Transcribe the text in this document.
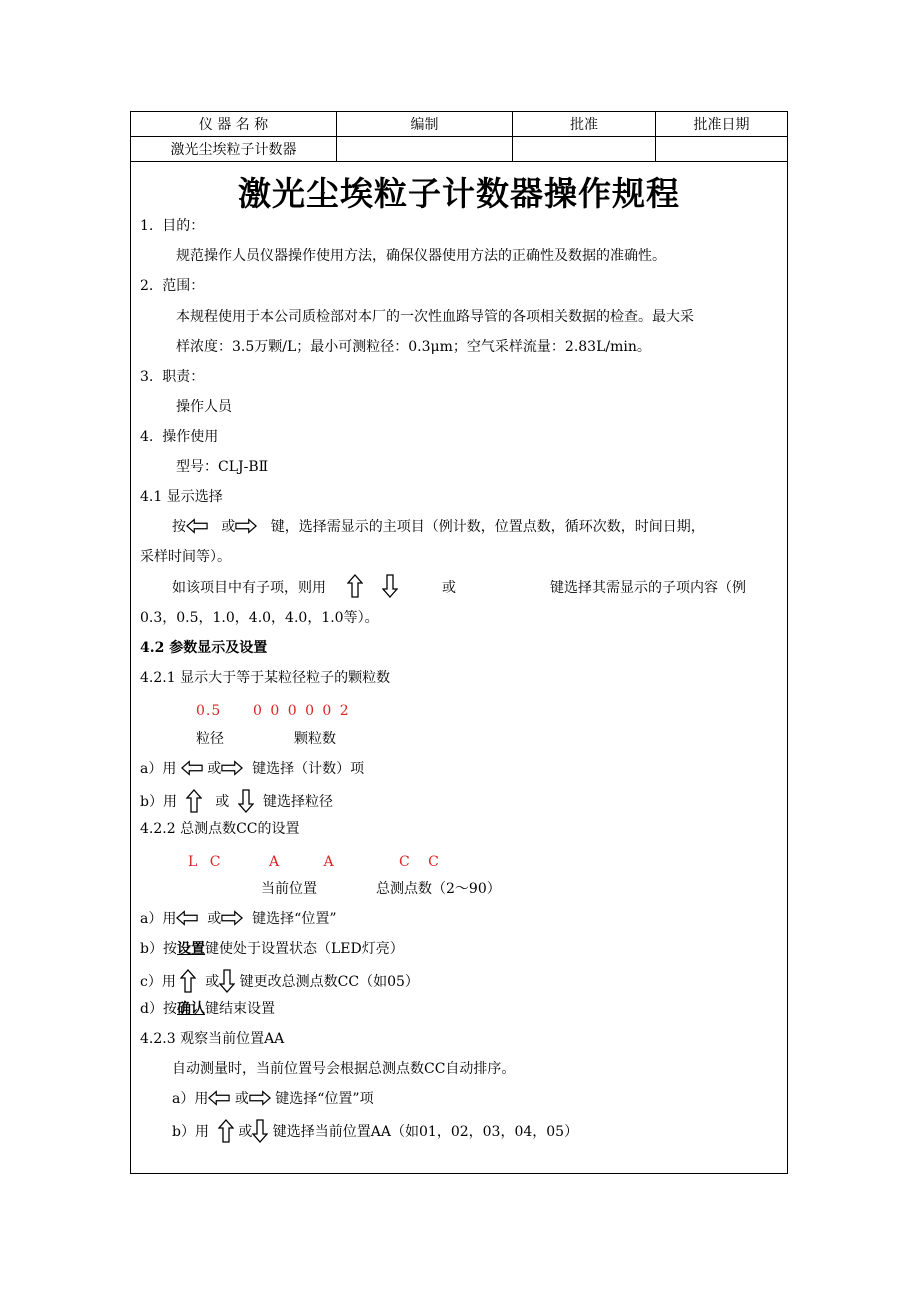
仪 器 名 称	编制	批准	批准日期
激光尘埃粒子计数器			
激光尘埃粒子计数器操作规程
1. 目的：
规范操作人员仪器操作使用方法，确保仪器使用方法的正确性及数据的准确性。
2. 范围：
本规程使用于本公司质检部对本厂的一次性血路导管的各项相关数据的检查。最大采
样浓度：3.5万颗/L；最小可测粒径：0.3μm；空气采样流量：2.83L/min。
3. 职责：
操作人员
4. 操作使用
型号：CLJ-BⅡ
4.1 显示选择
按	或	键，选择需显示的主项目（例计数，位置点数，循环次数，时间日期，
采样时间等）。
如该项目中有子项，则用	或	键选择其需显示的子项内容（例
0.3，0.5，1.0，4.0，4.0，1.0等）。
4.2 参数显示及设置
4.2.1 显示大于等于某粒径粒子的颗粒数
0.5 0 0 0 0 0 2
粒径	颗粒数
a）用 或 键选择（计数）项
b）用	或 键选择粒径
4.2.2 总测点数CC的设置
L C	A A	C C
当前位置	总测点数（2～90）
a）用 或 键选择“位置”
b）按设置键使处于设置状态（LED灯亮）
c）用 或 键更改总测点数CC（如05）
d）按确认键结束设置
4.2.3 观察当前位置AA
自动测量时，当前位置号会根据总测点数CC自动排序。
a）用 或 键选择“位置”项
b）用 或 键选择当前位置AA（如01，02，03，04，05）
